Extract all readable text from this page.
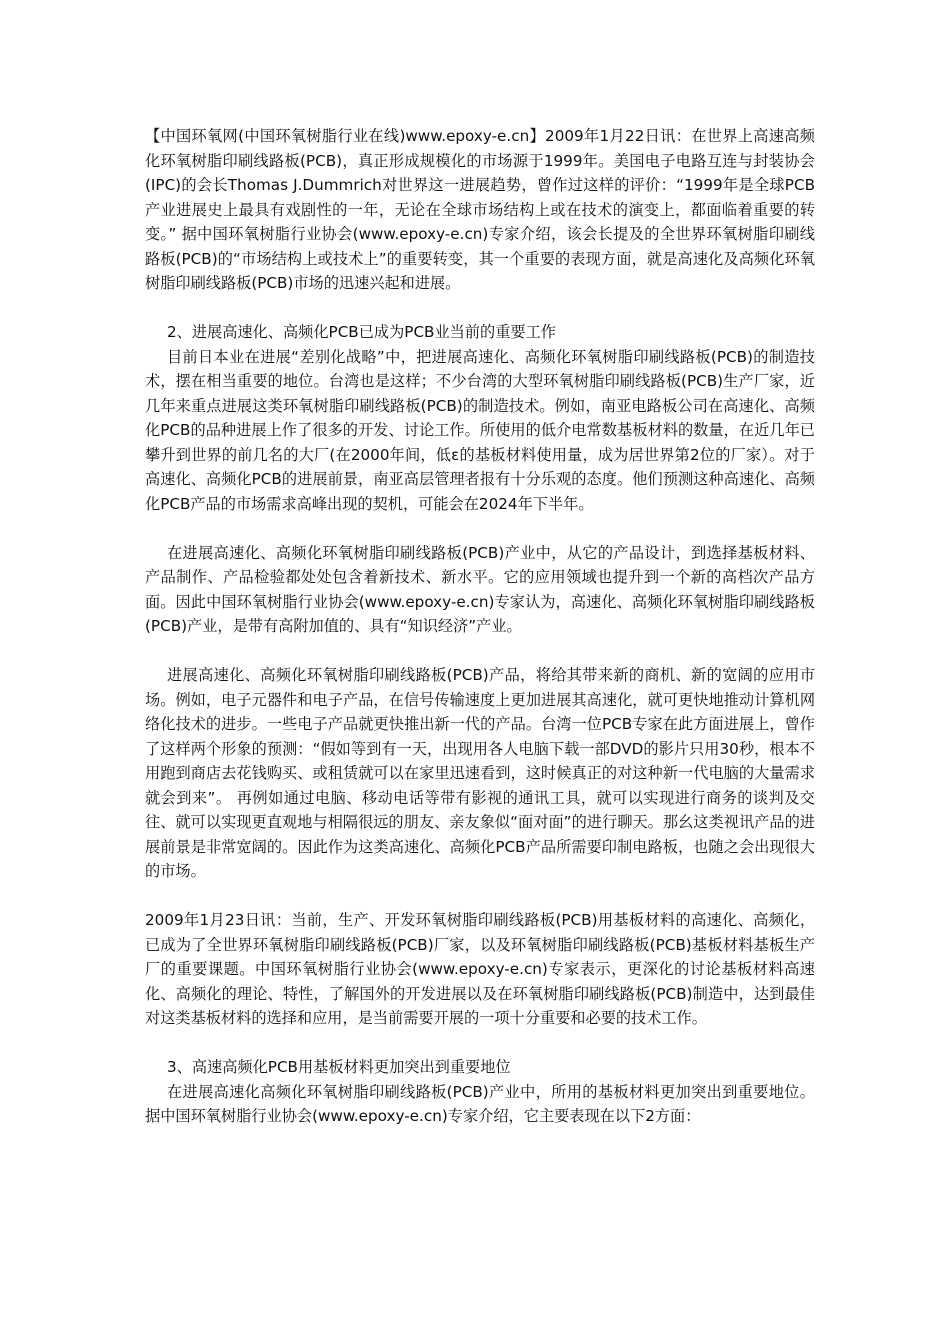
【中国环氧网(中国环氧树脂行业在线)www.epoxy-e.cn】2009年1月22日讯：在世界上高速高频化环氧树脂印刷线路板(PCB)，真正形成规模化的市场源于1999年。美国电子电路互连与封装协会(IPC)的会长Thomas J.Dummrich对世界这一进展趋势，曾作过这样的评价：“1999年是全球PCB产业进展史上最具有戏剧性的一年，无论在全球市场结构上或在技术的演变上，都面临着重要的转变。” 据中国环氧树脂行业协会(www.epoxy-e.cn)专家介绍，该会长提及的全世界环氧树脂印刷线路板(PCB)的“市场结构上或技术上”的重要转变，其一个重要的表现方面，就是高速化及高频化环氧树脂印刷线路板(PCB)市场的迅速兴起和进展。

2、进展高速化、高频化PCB已成为PCB业当前的重要工作

目前日本业在进展“差别化战略”中，把进展高速化、高频化环氧树脂印刷线路板(PCB)的制造技术，摆在相当重要的地位。台湾也是这样；不少台湾的大型环氧树脂印刷线路板(PCB)生产厂家，近几年来重点进展这类环氧树脂印刷线路板(PCB)的制造技术。例如，南亚电路板公司在高速化、高频化PCB的品种进展上作了很多的开发、讨论工作。所使用的低介电常数基板材料的数量，在近几年已攀升到世界的前几名的大厂(在2000年间，低ε的基板材料使用量，成为居世界第2位的厂家）。对于高速化、高频化PCB的进展前景，南亚高层管理者报有十分乐观的态度。他们预测这种高速化、高频化PCB产品的市场需求高峰出现的契机，可能会在2024年下半年。

在进展高速化、高频化环氧树脂印刷线路板(PCB)产业中，从它的产品设计，到选择基板材料、产品制作、产品检验都处处包含着新技术、新水平。它的应用领域也提升到一个新的高档次产品方面。因此中国环氧树脂行业协会(www.epoxy-e.cn)专家认为，高速化、高频化环氧树脂印刷线路板(PCB)产业，是带有高附加值的、具有“知识经济”产业。

进展高速化、高频化环氧树脂印刷线路板(PCB)产品，将给其带来新的商机、新的宽阔的应用市场。例如，电子元器件和电子产品，在信号传输速度上更加进展其高速化，就可更快地推动计算机网络化技术的进步。一些电子产品就更快推出新一代的产品。台湾一位PCB专家在此方面进展上，曾作了这样两个形象的预测：“假如等到有一天，出现用各人电脑下载一部DVD的影片只用30秒，根本不用跑到商店去花钱购买、或租赁就可以在家里迅速看到，这时候真正的对这种新一代电脑的大量需求就会到来”。 再例如通过电脑、移动电话等带有影视的通讯工具，就可以实现进行商务的谈判及交往、就可以实现更直观地与相隔很远的朋友、亲友象似“面对面”的进行聊天。那幺这类视讯产品的进展前景是非常宽阔的。因此作为这类高速化、高频化PCB产品所需要印制电路板，也随之会出现很大的市场。

2009年1月23日讯：当前，生产、开发环氧树脂印刷线路板(PCB)用基板材料的高速化、高频化，已成为了全世界环氧树脂印刷线路板(PCB)厂家，以及环氧树脂印刷线路板(PCB)基板材料基板生产厂的重要课题。中国环氧树脂行业协会(www.epoxy-e.cn)专家表示，更深化的讨论基板材料高速化、高频化的理论、特性，了解国外的开发进展以及在环氧树脂印刷线路板(PCB)制造中，达到最佳对这类基板材料的选择和应用，是当前需要开展的一项十分重要和必要的技术工作。

3、高速高频化PCB用基板材料更加突出到重要地位

在进展高速化高频化环氧树脂印刷线路板(PCB)产业中，所用的基板材料更加突出到重要地位。据中国环氧树脂行业协会(www.epoxy-e.cn)专家介绍，它主要表现在以下2方面：
